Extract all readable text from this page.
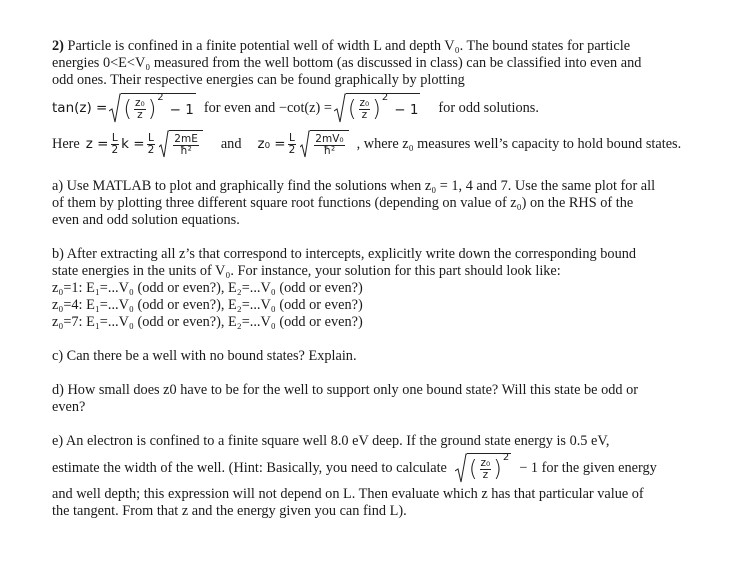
2) Particle is confined in a finite potential well of width L and depth V₀. The bound states for particle
energies 0<E<V₀ measured from the well bottom (as discussed in class) can be classified into even and
odd ones. Their respective energies can be found graphically by plotting

tan(z) = ( $\frac{\text{z₀}}{z}$ ) 2
− 1 for even and −cot(z) = ( $\frac{\text{z₀}}{z}$ ) 2
− 1 for odd solutions.
Here $z = \frac{L}{2}$ $k = \frac{L}{2} \frac{2mE}{\text{ħ²}}$ and $z_0 = \frac{L}{2} \frac{\text{2mV₀}}{\text{ħ²}}$ , where z₀ measures well’s capacity to hold bound states.

a) Use MATLAB to plot and graphically find the solutions when z₀ = 1, 4 and 7. Use the same plot for all
of them by plotting three different square root functions (depending on value of z₀) on the RHS of the
even and odd solution equations.

b) After extracting all z’s that correspond to intercepts, explicitly write down the corresponding bound
state energies in the units of V₀. For instance, your solution for this part should look like:
z₀=1: E₁=...V₀ (odd or even?), E₂=...V₀ (odd or even?)
z₀=4: E₁=...V₀ (odd or even?), E₂=...V₀ (odd or even?)
z₀=7: E₁=...V₀ (odd or even?), E₂=...V₀ (odd or even?)

c) Can there be a well with no bound states? Explain.

d) How small does z0 have to be for the well to support only one bound state? Will this state be odd or
even?

e) An electron is confined to a finite square well 8.0 eV deep. If the ground state energy is 0.5 eV,

estimate the width of the well. (Hint: Basically, you need to calculate ( $\frac{\text{z₀}}{z}$ ) 2
− 1 for the given energy

and well depth; this expression will not depend on L. Then evaluate which z has that particular value of
the tangent. From that z and the energy given you can find L).
